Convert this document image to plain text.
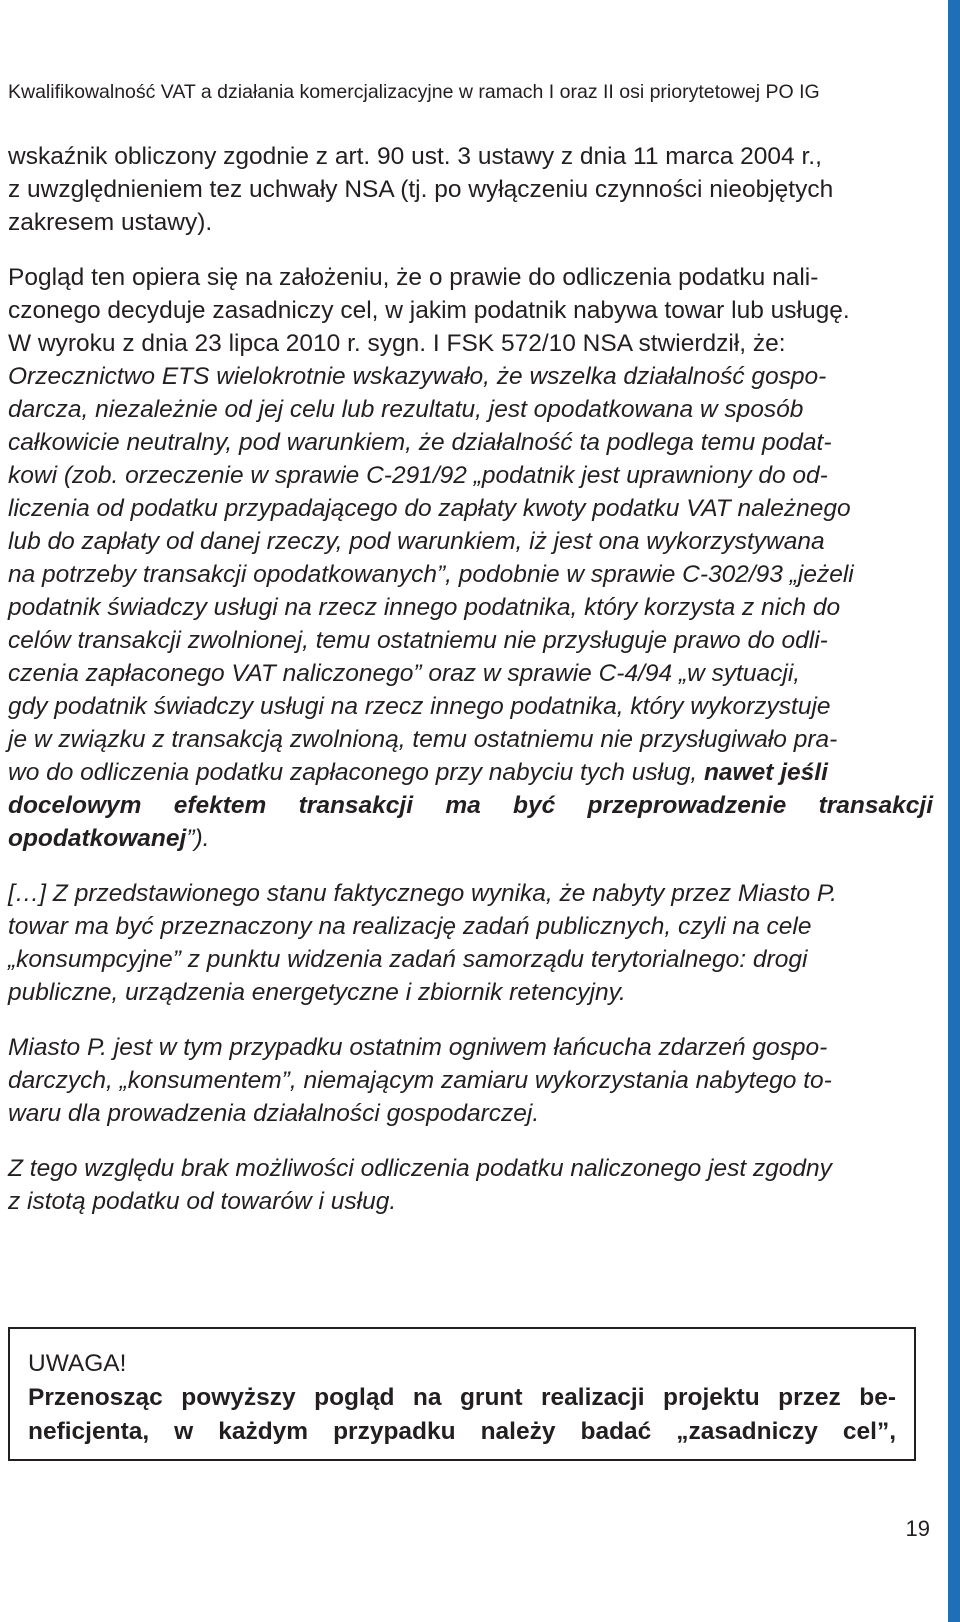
Kwalifikowalność VAT a działania komercjalizacyjne w ramach I oraz II osi priorytetowej PO IG

wskaźnik obliczony zgodnie z art. 90 ust. 3 ustawy z dnia 11 marca 2004 r.,
z uwzględnieniem tez uchwały NSA (tj. po wyłączeniu czynności nieobjętych
zakresem ustawy).

Pogląd ten opiera się na założeniu, że o prawie do odliczenia podatku nali-
czonego decyduje zasadniczy cel, w jakim podatnik nabywa towar lub usługę.
W wyroku z dnia 23 lipca 2010 r. sygn. I FSK 572/10 NSA stwierdził, że:
Orzecznictwo ETS wielokrotnie wskazywało, że wszelka działalność gospo-
darcza, niezależnie od jej celu lub rezultatu, jest opodatkowana w sposób
całkowicie neutralny, pod warunkiem, że działalność ta podlega temu podat-
kowi (zob. orzeczenie w sprawie C-291/92 „podatnik jest uprawniony do od-
liczenia od podatku przypadającego do zapłaty kwoty podatku VAT należnego
lub do zapłaty od danej rzeczy, pod warunkiem, iż jest ona wykorzystywana
na potrzeby transakcji opodatkowanych”, podobnie w sprawie C-302/93 „jeżeli
podatnik świadczy usługi na rzecz innego podatnika, który korzysta z nich do
celów transakcji zwolnionej, temu ostatniemu nie przysługuje prawo do odli-
czenia zapłaconego VAT naliczonego” oraz w sprawie C-4/94 „w sytuacji,
gdy podatnik świadczy usługi na rzecz innego podatnika, który wykorzystuje
je w związku z transakcją zwolnioną, temu ostatniemu nie przysługiwało pra-
wo do odliczenia podatku zapłaconego przy nabyciu tych usług, nawet jeśli
docelowym efektem transakcji ma być przeprowadzenie transakcji
opodatkowanej”).

[…] Z przedstawionego stanu faktycznego wynika, że nabyty przez Miasto P.
towar ma być przeznaczony na realizację zadań publicznych, czyli na cele
„konsumpcyjne” z punktu widzenia zadań samorządu terytorialnego: drogi
publiczne, urządzenia energetyczne i zbiornik retencyjny.

Miasto P. jest w tym przypadku ostatnim ogniwem łańcucha zdarzeń gospo-
darczych, „konsumentem”, niemającym zamiaru wykorzystania nabytego to-
waru dla prowadzenia działalności gospodarczej.

Z tego względu brak możliwości odliczenia podatku naliczonego jest zgodny
z istotą podatku od towarów i usług.

UWAGA!
Przenosząc powyższy pogląd na grunt realizacji projektu przez be-
neficjenta, w każdym przypadku należy badać „zasadniczy cel”,
19
